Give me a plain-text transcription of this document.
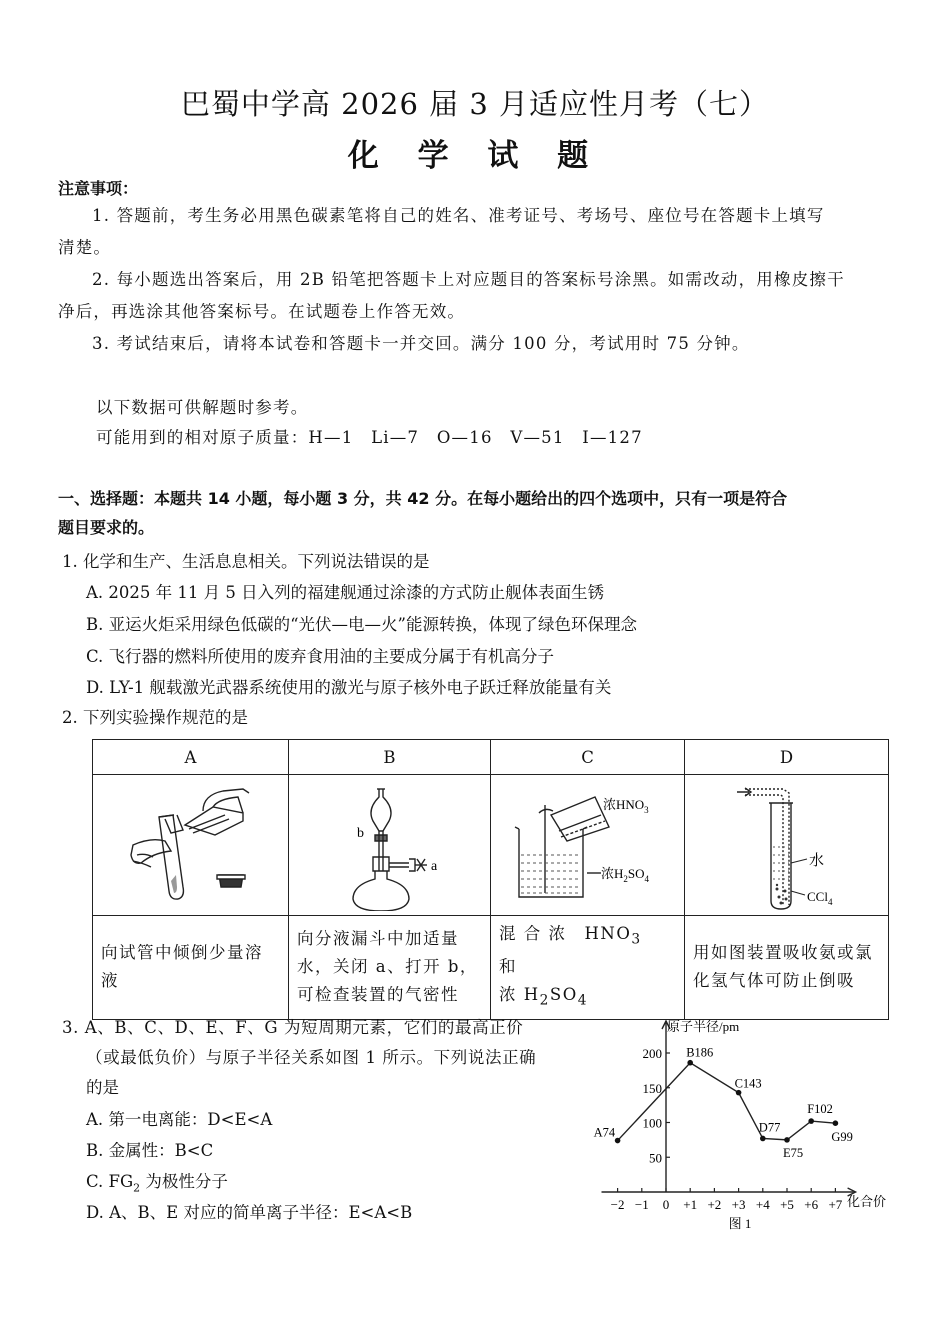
巴蜀中学高 2026 届 3 月适应性月考（七）
化 学 试 题
注意事项：
1. 答题前，考生务必用黑色碳素笔将自己的姓名、准考证号、考场号、座位号在答题卡上填写

清楚。
2. 每小题选出答案后，用 2B 铅笔把答题卡上对应题目的答案标号涂黑。如需改动，用橡皮擦干
净后，再选涂其他答案标号。在试题卷上作答无效。
3. 考试结束后，请将本试卷和答题卡一并交回。满分 100 分，考试用时 75 分钟。
以下数据可供解题时参考。
可能用到的相对原子质量：H—1　Li—7　O—16　V—51　I—127
一、选择题：本题共 14 小题，每小题 3 分，共 42 分。在每小题给出的四个选项中，只有一项是符合
题目要求的。
1. 化学和生产、生活息息相关。下列说法错误的是
A. 2025 年 11 月 5 日入列的福建舰通过涂漆的方式防止舰体表面生锈
B. 亚运火炬采用绿色低碳的“光伏—电—火”能源转换，体现了绿色环保理念
C. 飞行器的燃料所使用的废弃食用油的主要成分属于有机高分子
D. LY-1 舰载激光武器系统使用的激光与原子核外电子跃迁释放能量有关
2. 下列实验操作规范的是
A	B	C	D

b
a	浓$HNO_3$
浓$H_2SO_4$	水
CCl$_4$

向试管中倾倒少量溶液	向分液漏斗中加适量水，关闭 a、打开 b，可检查装置的气密性	混 合 浓　$HNO_3$　和
浓 $H_2SO_4$	用如图装置吸收氨或氯化氢气体可防止倒吸
3. A、B、C、D、E、F、G 为短周期元素，它们的最高正价
（或最低负价）与原子半径关系如图 1 所示。下列说法正确
的是
A. 第一电离能：D<E<A
B. 金属性：B<C
C. $FG_2$ 为极性分子
D. A、B、E 对应的简单离子半径：E<A<B	−2 −1 0 +1 +2 +3 +4 +5 +6 +7
50
100
150
200
A74
B186
C143
D77
E75
F102
G99
原子半径/pm
化合价
图 1
